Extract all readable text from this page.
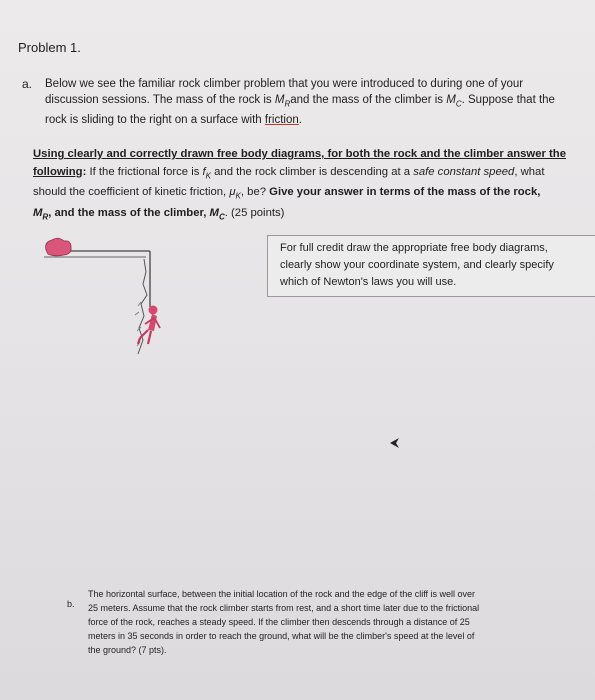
Problem 1.
a. Below we see the familiar rock climber problem that you were introduced to during one of your
discussion sessions. The mass of the rock is $M_Rand$ the mass of the climber is $M_C$. Suppose that the
rock is sliding to the right on a surface with friction.
Using clearly and correctly drawn free body diagrams, for both the rock and the climber answer the
following: If the frictional force is $f_K$ and the rock climber is descending at a safe constant speed, what
should the coefficient of kinetic friction, $\mu_K$, be? Give your answer in terms of the mass of the rock,
$M_R$, and the mass of the climber, $M_C$. (25 points)
For full credit draw the appropriate free body diagrams,
clearly show your coordinate system, and clearly specify
which of Newton's laws you will use.
b.
The horizontal surface, between the initial location of the rock and the edge of the cliff is well over
25 meters. Assume that the rock climber starts from rest, and a short time later due to the frictional
force of the rock, reaches a steady speed. If the climber then descends through a distance of 25
meters in 35 seconds in order to reach the ground, what will be the climber's speed at the level of
the ground? (7 pts).
